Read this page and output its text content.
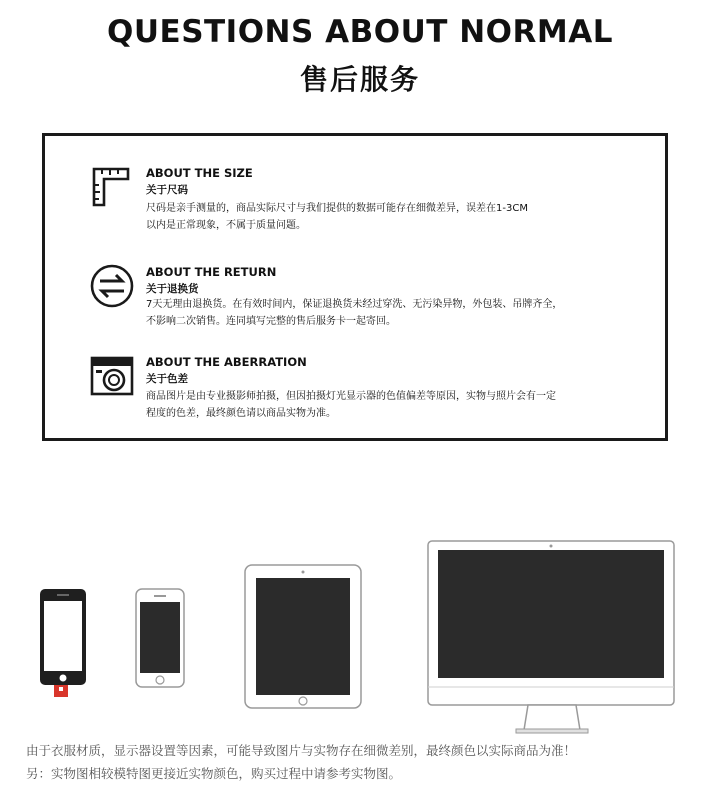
QUESTIONS ABOUT NORMAL
售后服务
ABOUT THE SIZE
关于尺码
尺码是亲手测量的，商品实际尺寸与我们提供的数据可能存在细微差异，误差在1-3CM
以内是正常现象，不属于质量问题。
ABOUT THE RETURN
关于退换货
7天无理由退换货。在有效时间内，保证退换货未经过穿洗、无污染异物，外包装、吊牌齐全，
不影响二次销售。连同填写完整的售后服务卡一起寄回。
ABOUT THE ABERRATION
关于色差
商品图片是由专业摄影师拍摄，但因拍摄灯光显示器的色值偏差等原因，实物与照片会有一定
程度的色差，最终颜色请以商品实物为准。
由于衣服材质，显示器设置等因素，可能导致图片与实物存在细微差别，最终颜色以实际商品为准！
另：实物图相较模特图更接近实物颜色，购买过程中请参考实物图。
